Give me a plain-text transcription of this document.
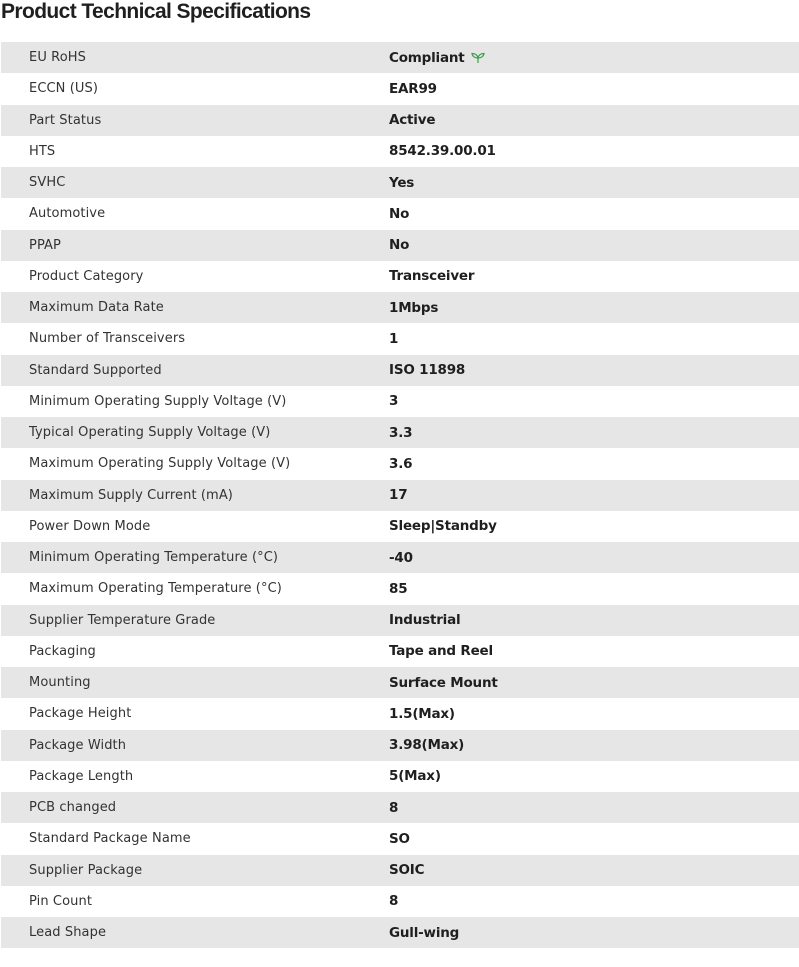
Product Technical Specifications
EU RoHS	Compliant
ECCN (US)	EAR99
Part Status	Active
HTS	8542.39.00.01
SVHC	Yes
Automotive	No
PPAP	No
Product Category	Transceiver
Maximum Data Rate	1Mbps
Number of Transceivers	1
Standard Supported	ISO 11898
Minimum Operating Supply Voltage (V)	3
Typical Operating Supply Voltage (V)	3.3
Maximum Operating Supply Voltage (V)	3.6
Maximum Supply Current (mA)	17
Power Down Mode	Sleep|Standby
Minimum Operating Temperature (°C)	-40
Maximum Operating Temperature (°C)	85
Supplier Temperature Grade	Industrial
Packaging	Tape and Reel
Mounting	Surface Mount
Package Height	1.5(Max)
Package Width	3.98(Max)
Package Length	5(Max)
PCB changed	8
Standard Package Name	SO
Supplier Package	SOIC
Pin Count	8
Lead Shape	Gull-wing
